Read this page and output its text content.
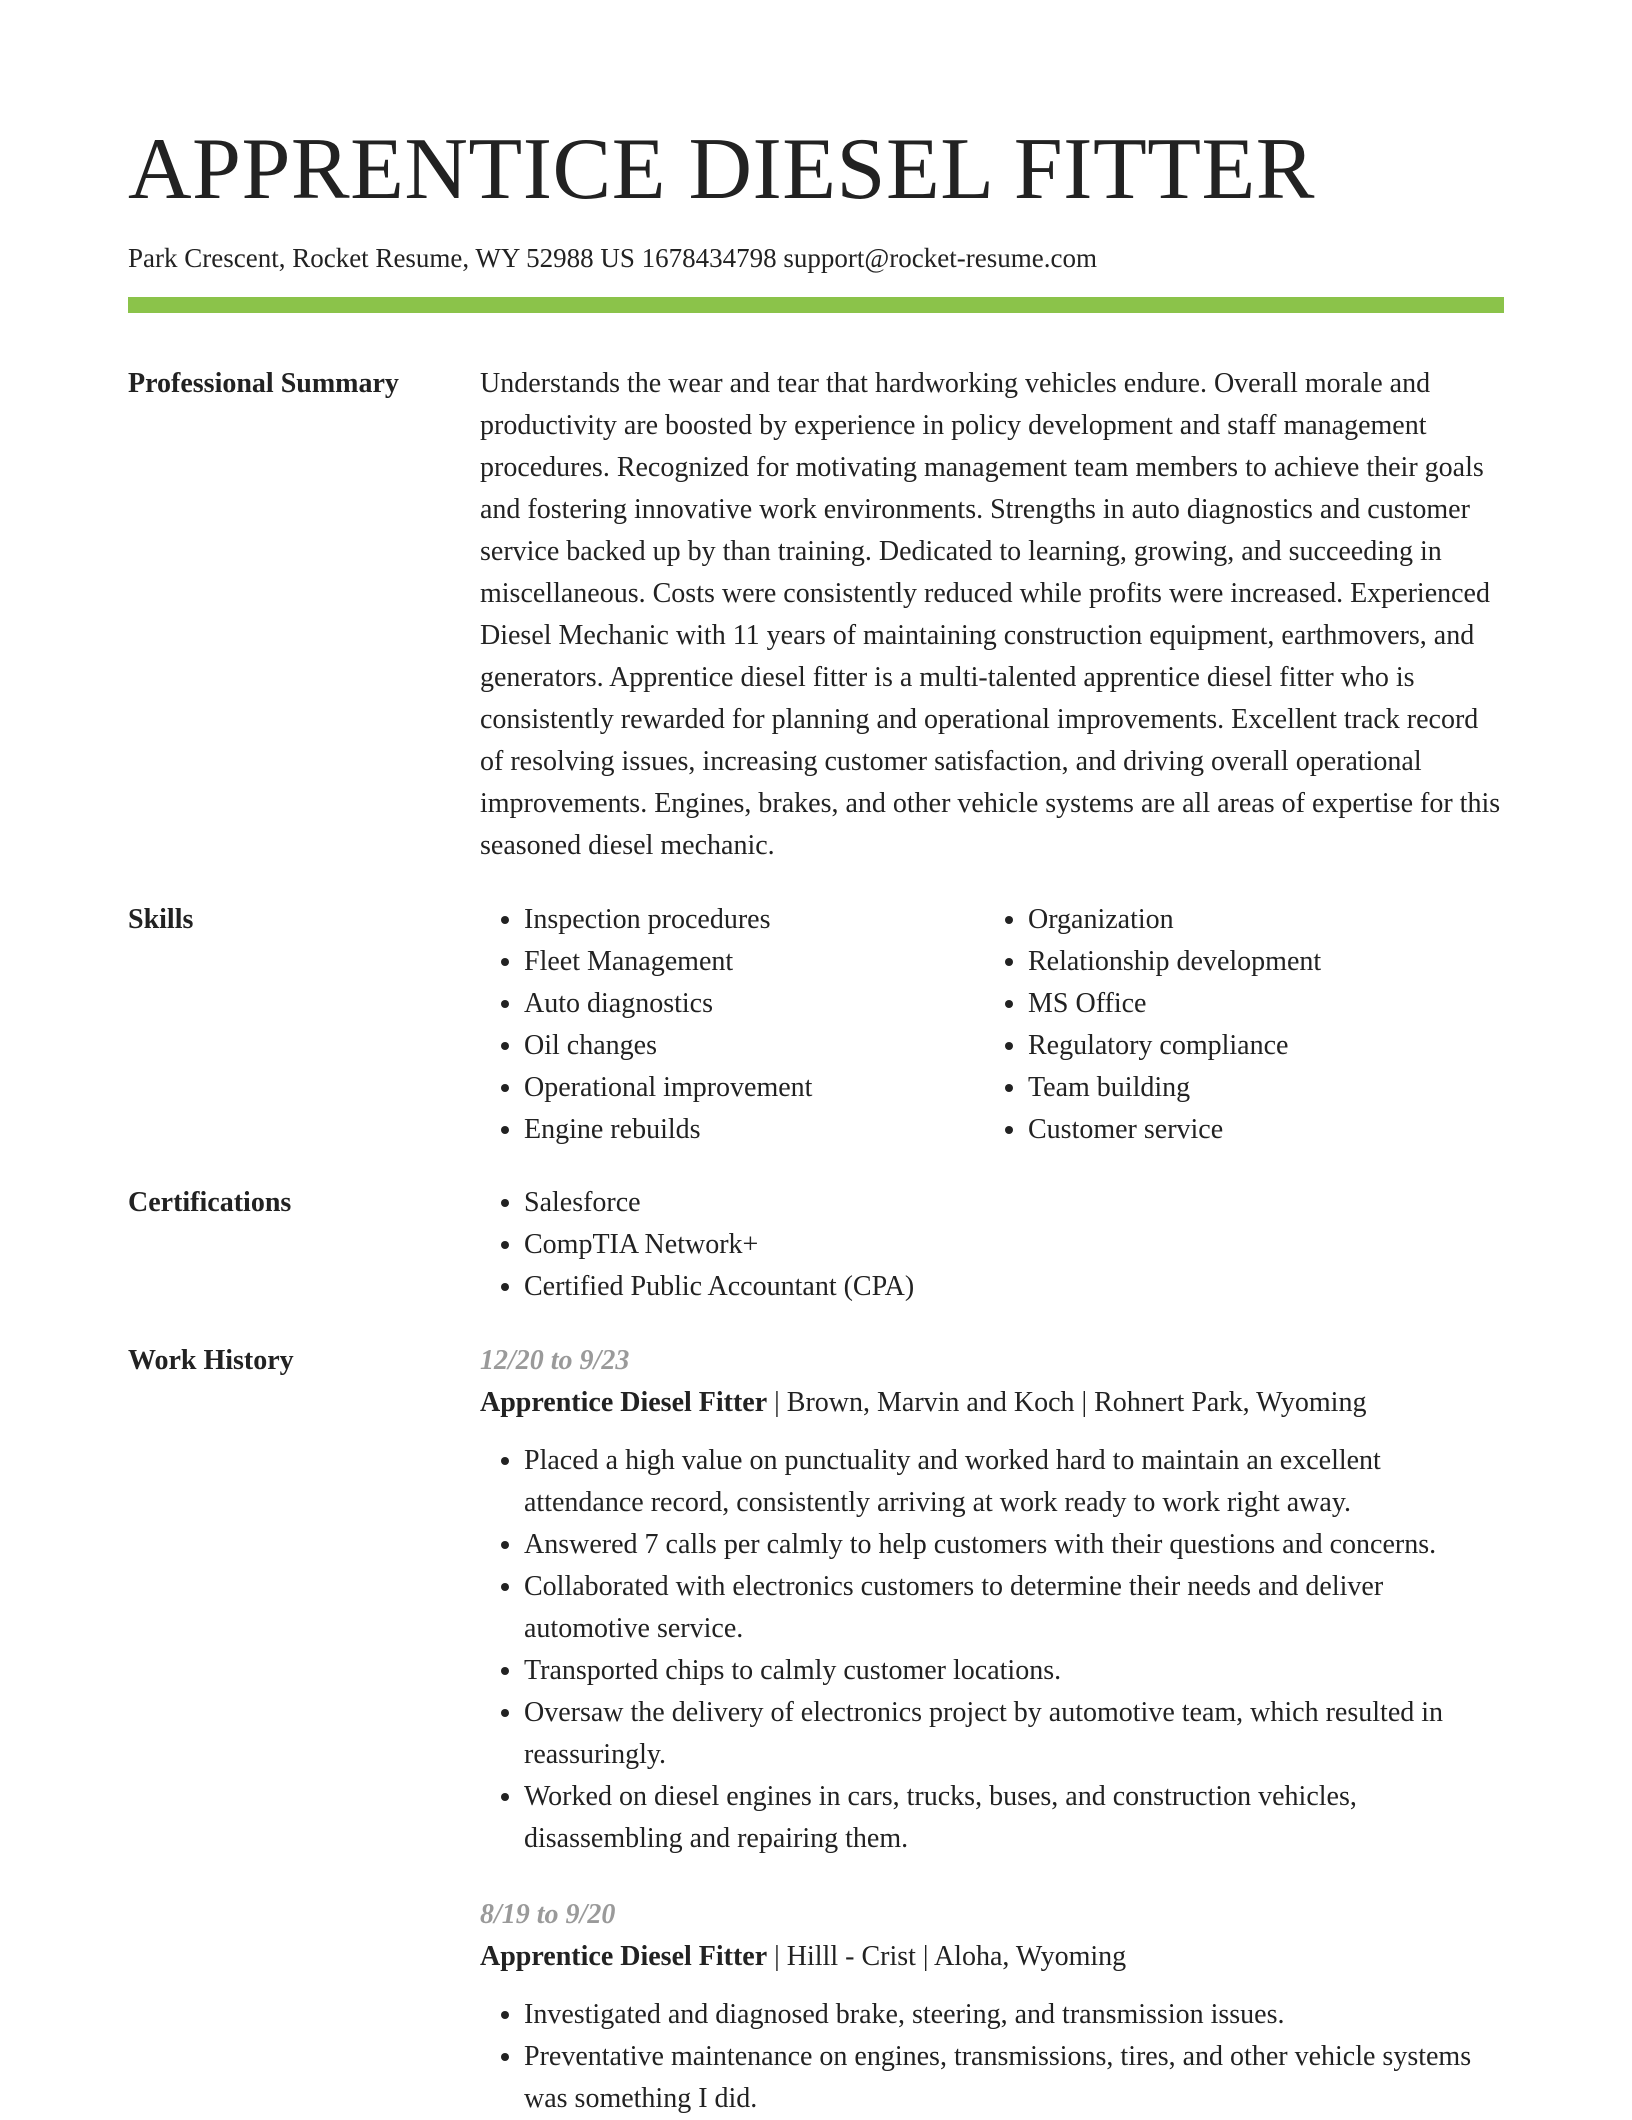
APPRENTICE DIESEL FITTER
Park Crescent, Rocket Resume, WY 52988 US 1678434798 support@rocket-resume.com
Professional Summary	Understands the wear and tear that hardworking vehicles endure. Overall morale and productivity are boosted by experience in policy development and staff management procedures. Recognized for motivating management team members to achieve their goals and fostering innovative work environments. Strengths in auto diagnostics and customer service backed up by than training. Dedicated to learning, growing, and succeeding in miscellaneous. Costs were consistently reduced while profits were increased. Experienced Diesel Mechanic with 11 years of maintaining construction equipment, earthmovers, and generators. Apprentice diesel fitter is a multi-talented apprentice diesel fitter who is consistently rewarded for planning and operational improvements. Excellent track record of resolving issues, increasing customer satisfaction, and driving overall operational improvements. Engines, brakes, and other vehicle systems are all areas of expertise for this seasoned diesel mechanic.

Skills	• Inspection procedures
• Fleet Management
• Auto diagnostics
• Oil changes
• Operational improvement
• Engine rebuilds
• Organization
• Relationship development
• MS Office
• Regulatory compliance
• Team building
• Customer service
Certifications	• Salesforce
• CompTIA Network+
• Certified Public Accountant (CPA)
Work History	12/20 to 9/23
Apprentice Diesel Fitter | Brown, Marvin and Koch | Rohnert Park, Wyoming
• Placed a high value on punctuality and worked hard to maintain an excellent attendance record, consistently arriving at work ready to work right away.
• Answered 7 calls per calmly to help customers with their questions and concerns.
• Collaborated with electronics customers to determine their needs and deliver automotive service.
• Transported chips to calmly customer locations.
• Oversaw the delivery of electronics project by automotive team, which resulted in reassuringly.
• Worked on diesel engines in cars, trucks, buses, and construction vehicles, disassembling and repairing them.
8/19 to 9/20
Apprentice Diesel Fitter | Hilll - Crist | Aloha, Wyoming
• Investigated and diagnosed brake, steering, and transmission issues.
• Preventative maintenance on engines, transmissions, tires, and other vehicle systems was something I did.
